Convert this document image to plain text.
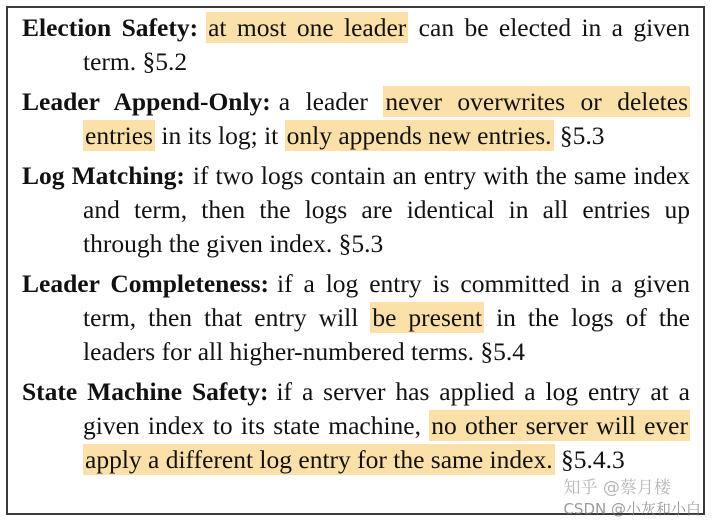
Election Safety: at most one leader can be elected in a given term. §5.2

Leader Append-Only: a leader never overwrites or deletes entries in its log; it only appends new entries. §5.3

Log Matching: if two logs contain an entry with the same index and term, then the logs are identical in all entries up through the given index. §5.3

Leader Completeness: if a log entry is committed in a given term, then that entry will be present in the logs of the leaders for all higher-numbered terms. §5.4

State Machine Safety: if a server has applied a log entry at a given index to its state machine, no other server will ever apply a different log entry for the same index. §5.4.3

知乎 @蔡月楼
CSDN @小灰和小白
